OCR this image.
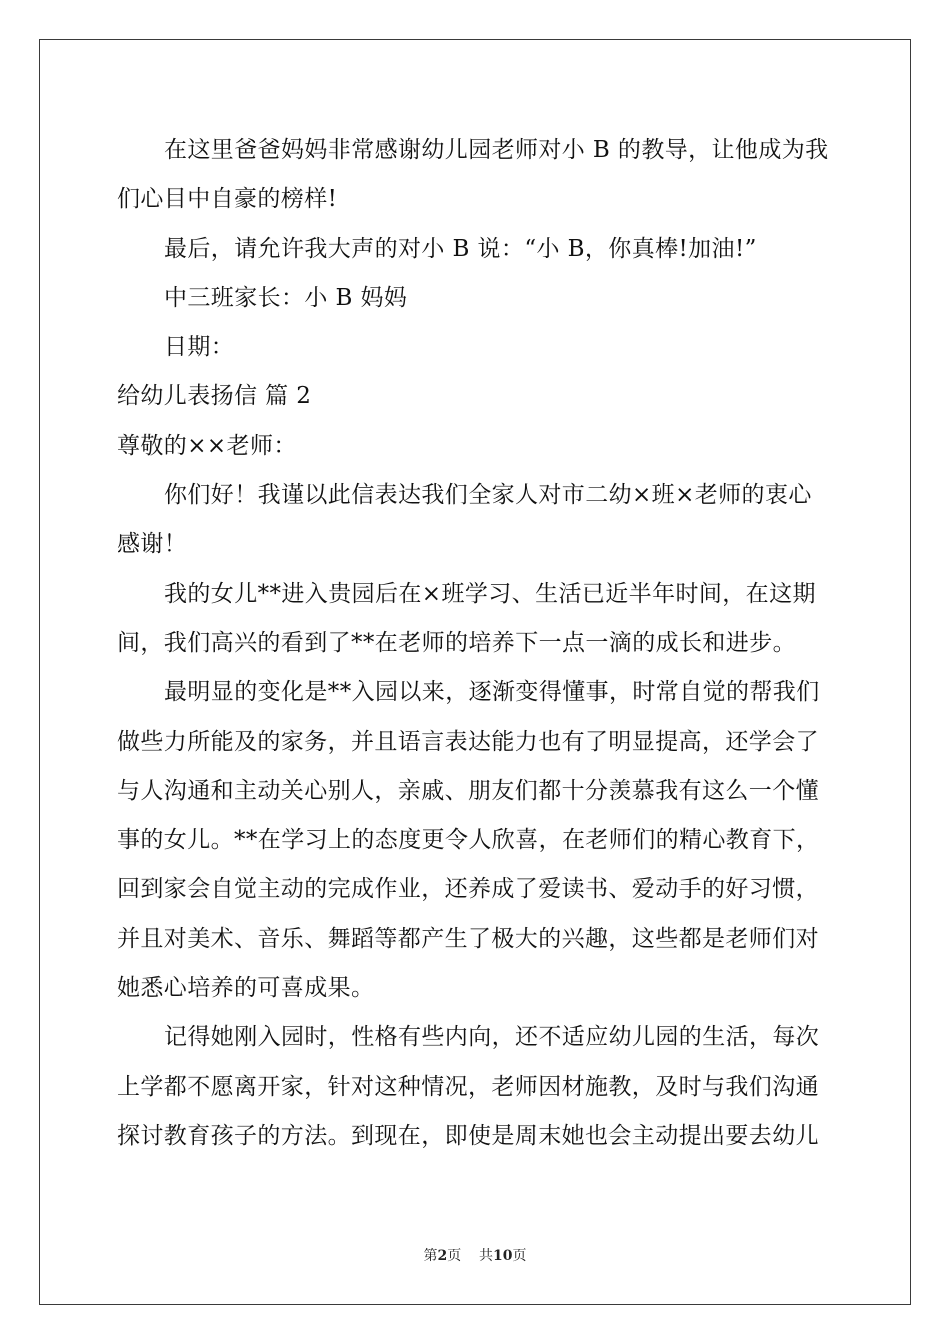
在这里爸爸妈妈非常感谢幼儿园老师对小 B 的教导，让他成为我
们心目中自豪的榜样!
最后，请允许我大声的对小 B 说：“小 B，你真棒!加油!”
中三班家长：小 B 妈妈
日期：
给幼儿表扬信 篇 2
尊敬的××老师：
你们好！我谨以此信表达我们全家人对市二幼×班×老师的衷心
感谢！
我的女儿**进入贵园后在×班学习、生活已近半年时间，在这期
间，我们高兴的看到了**在老师的培养下一点一滴的成长和进步。
最明显的变化是**入园以来，逐渐变得懂事，时常自觉的帮我们
做些力所能及的家务，并且语言表达能力也有了明显提高，还学会了
与人沟通和主动关心别人，亲戚、朋友们都十分羡慕我有这么一个懂
事的女儿。**在学习上的态度更令人欣喜，在老师们的精心教育下，
回到家会自觉主动的完成作业，还养成了爱读书、爱动手的好习惯，
并且对美术、音乐、舞蹈等都产生了极大的兴趣，这些都是老师们对
她悉心培养的可喜成果。
记得她刚入园时，性格有些内向，还不适应幼儿园的生活，每次
上学都不愿离开家，针对这种情况，老师因材施教，及时与我们沟通
探讨教育孩子的方法。到现在，即使是周末她也会主动提出要去幼儿
第2页 共10页
